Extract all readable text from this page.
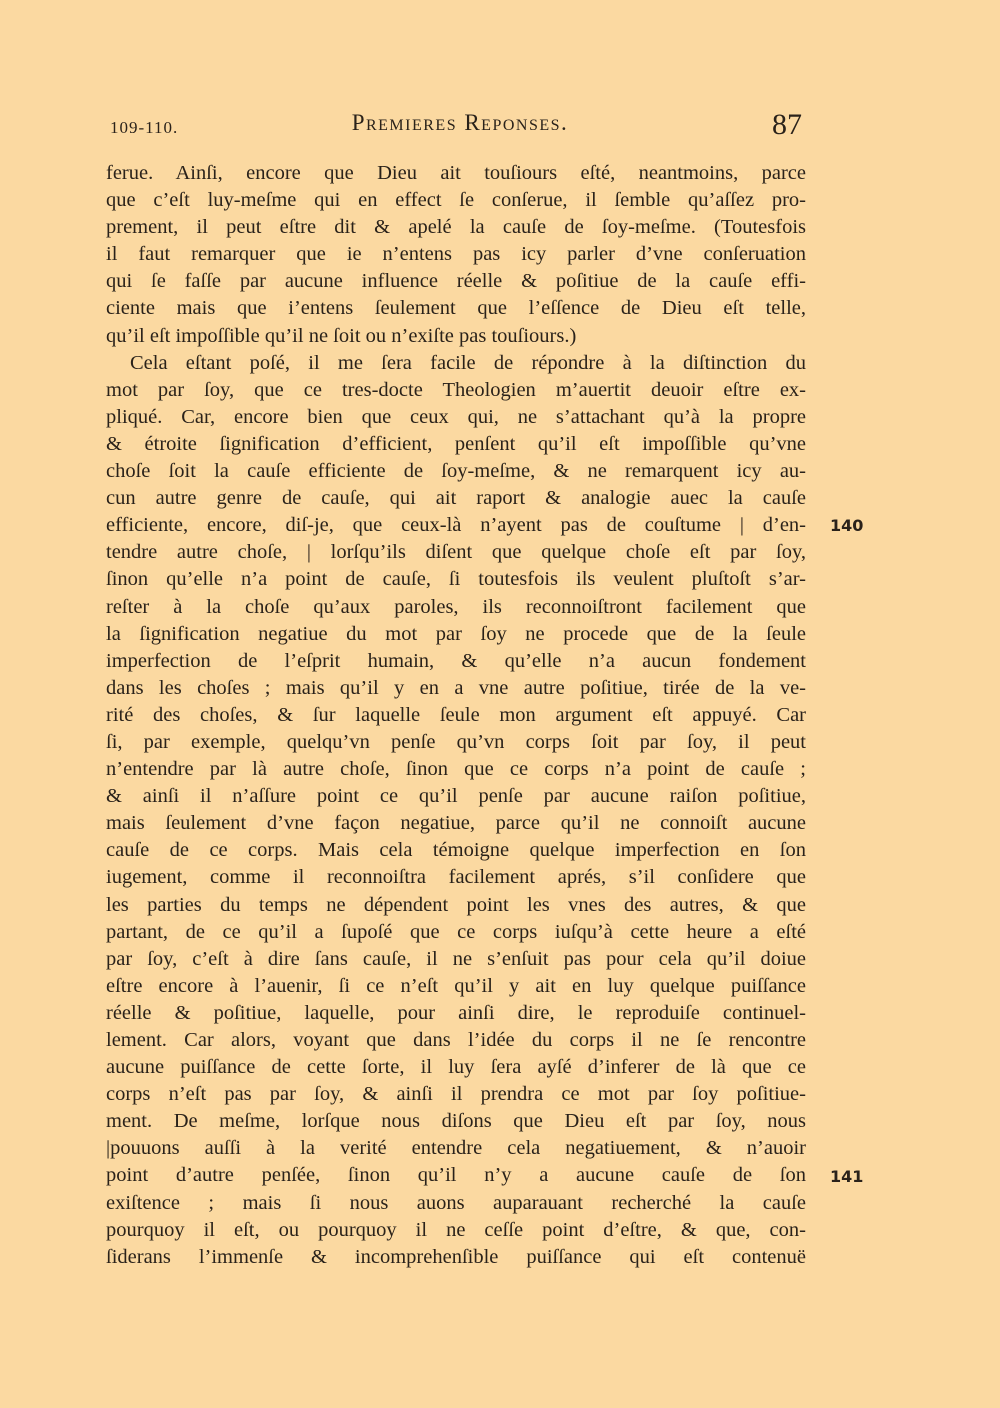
109-110.	Premieres Reponses.	87
ferue. Ainſi, encore que Dieu ait touſiours eſté, neantmoins, parce
que c’eſt luy-meſme qui en effect ſe conſerue, il ſemble qu’aſſez pro-
prement, il peut eſtre dit & apelé la cauſe de ſoy-meſme. (Toutesfois
il faut remarquer que ie n’entens pas icy parler d’vne conſeruation
qui ſe faſſe par aucune influence réelle & poſitiue de la cauſe effi-
ciente mais que i’entens ſeulement que l’eſſence de Dieu eſt telle,
qu’il eſt impoſſible qu’il ne ſoit ou n’exiſte pas touſiours.)
Cela eſtant poſé, il me ſera facile de répondre à la diſtinction du
mot par ſoy, que ce tres-docte Theologien m’auertit deuoir eſtre ex-
pliqué. Car, encore bien que ceux qui, ne s’attachant qu’à la propre
& étroite ſignification d’efficient, penſent qu’il eſt impoſſible qu’vne
choſe ſoit la cauſe efficiente de ſoy-meſme, & ne remarquent icy au-
cun autre genre de cauſe, qui ait raport & analogie auec la cauſe
efficiente, encore, diſ-je, que ceux-là n’ayent pas de couſtume | d’en-
tendre autre choſe, | lorſqu’ils diſent que quelque choſe eſt par ſoy,
ſinon qu’elle n’a point de cauſe, ſi toutesfois ils veulent pluſtoſt s’ar-
reſter à la choſe qu’aux paroles, ils reconnoiſtront facilement que
la ſignification negatiue du mot par ſoy ne procede que de la ſeule
imperfection de l’eſprit humain, & qu’elle n’a aucun fondement
dans les choſes ; mais qu’il y en a vne autre poſitiue, tirée de la ve-
rité des choſes, & ſur laquelle ſeule mon argument eſt appuyé. Car
ſi, par exemple, quelqu’vn penſe qu’vn corps ſoit par ſoy, il peut
n’entendre par là autre choſe, ſinon que ce corps n’a point de cauſe ;
& ainſi il n’aſſure point ce qu’il penſe par aucune raiſon poſitiue,
mais ſeulement d’vne façon negatiue, parce qu’il ne connoiſt aucune
cauſe de ce corps. Mais cela témoigne quelque imperfection en ſon
iugement, comme il reconnoiſtra facilement aprés, s’il conſidere que
les parties du temps ne dépendent point les vnes des autres, & que
partant, de ce qu’il a ſupoſé que ce corps iuſqu’à cette heure a eſté
par ſoy, c’eſt à dire ſans cauſe, il ne s’enſuit pas pour cela qu’il doiue
eſtre encore à l’auenir, ſi ce n’eſt qu’il y ait en luy quelque puiſſance
réelle & poſitiue, laquelle, pour ainſi dire, le reproduiſe continuel-
lement. Car alors, voyant que dans l’idée du corps il ne ſe rencontre
aucune puiſſance de cette ſorte, il luy ſera ayſé d’inferer de là que ce
corps n’eſt pas par ſoy, & ainſi il prendra ce mot par ſoy poſitiue-
ment. De meſme, lorſque nous diſons que Dieu eſt par ſoy, nous
|pouuons auſſi à la verité entendre cela negatiuement, & n’auoir
point d’autre penſée, ſinon qu’il n’y a aucune cauſe de ſon
exiſtence ; mais ſi nous auons auparauant recherché la cauſe
pourquoy il eſt, ou pourquoy il ne ceſſe point d’eſtre, & que, con-
ſiderans l’immenſe & incomprehenſible puiſſance qui eſt contenuë
140
141
